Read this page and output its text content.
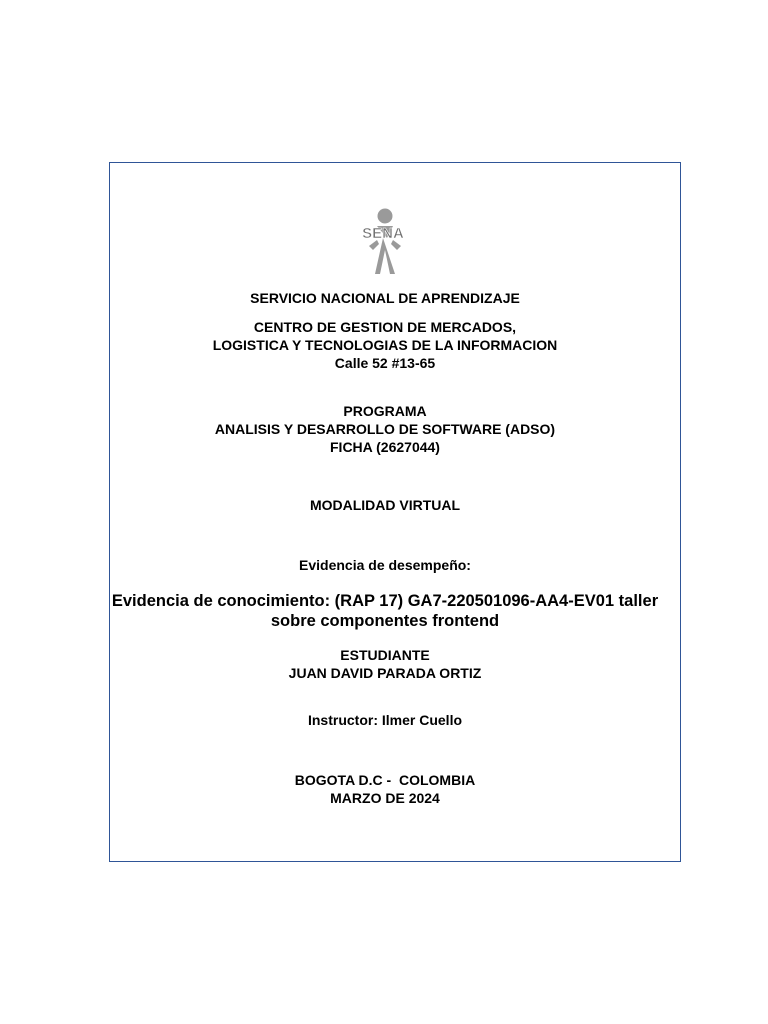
SENA
SERVICIO NACIONAL DE APRENDIZAJE
CENTRO DE GESTION DE MERCADOS,
LOGISTICA Y TECNOLOGIAS DE LA INFORMACION
Calle 52 #13-65
PROGRAMA
ANALISIS Y DESARROLLO DE SOFTWARE (ADSO)
FICHA (2627044)
MODALIDAD VIRTUAL
Evidencia de desempeño:
Evidencia de conocimiento: (RAP 17) GA7-220501096-AA4-EV01 taller
sobre componentes frontend
ESTUDIANTE
JUAN DAVID PARADA ORTIZ
Instructor: Ilmer Cuello
BOGOTA D.C -  COLOMBIA
MARZO DE 2024
